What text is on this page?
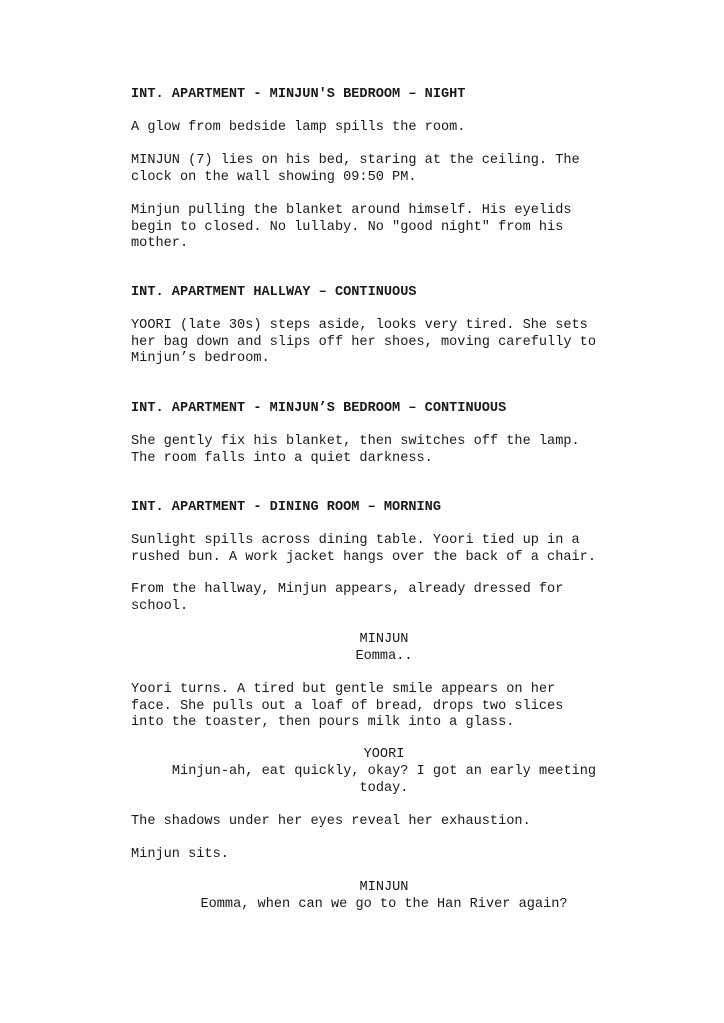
INT. APARTMENT - MINJUN'S BEDROOM – NIGHT

A glow from bedside lamp spills the room.

MINJUN (7) lies on his bed, staring at the ceiling. The
clock on the wall showing 09:50 PM.

Minjun pulling the blanket around himself. His eyelids
begin to closed. No lullaby. No "good night" from his
mother.

INT. APARTMENT HALLWAY – CONTINUOUS

YOORI (late 30s) steps aside, looks very tired. She sets
her bag down and slips off her shoes, moving carefully to
Minjun’s bedroom.

INT. APARTMENT - MINJUN’S BEDROOM – CONTINUOUS

She gently fix his blanket, then switches off the lamp.
The room falls into a quiet darkness.

INT. APARTMENT - DINING ROOM – MORNING

Sunlight spills across dining table. Yoori tied up in a
rushed bun. A work jacket hangs over the back of a chair.

From the hallway, Minjun appears, already dressed for
school.

MINJUN

Eomma..

Yoori turns. A tired but gentle smile appears on her
face. She pulls out a loaf of bread, drops two slices
into the toaster, then pours milk into a glass.

YOORI

Minjun-ah, eat quickly, okay? I got an early meeting
today.

The shadows under her eyes reveal her exhaustion.

Minjun sits.

MINJUN

Eomma, when can we go to the Han River again?
